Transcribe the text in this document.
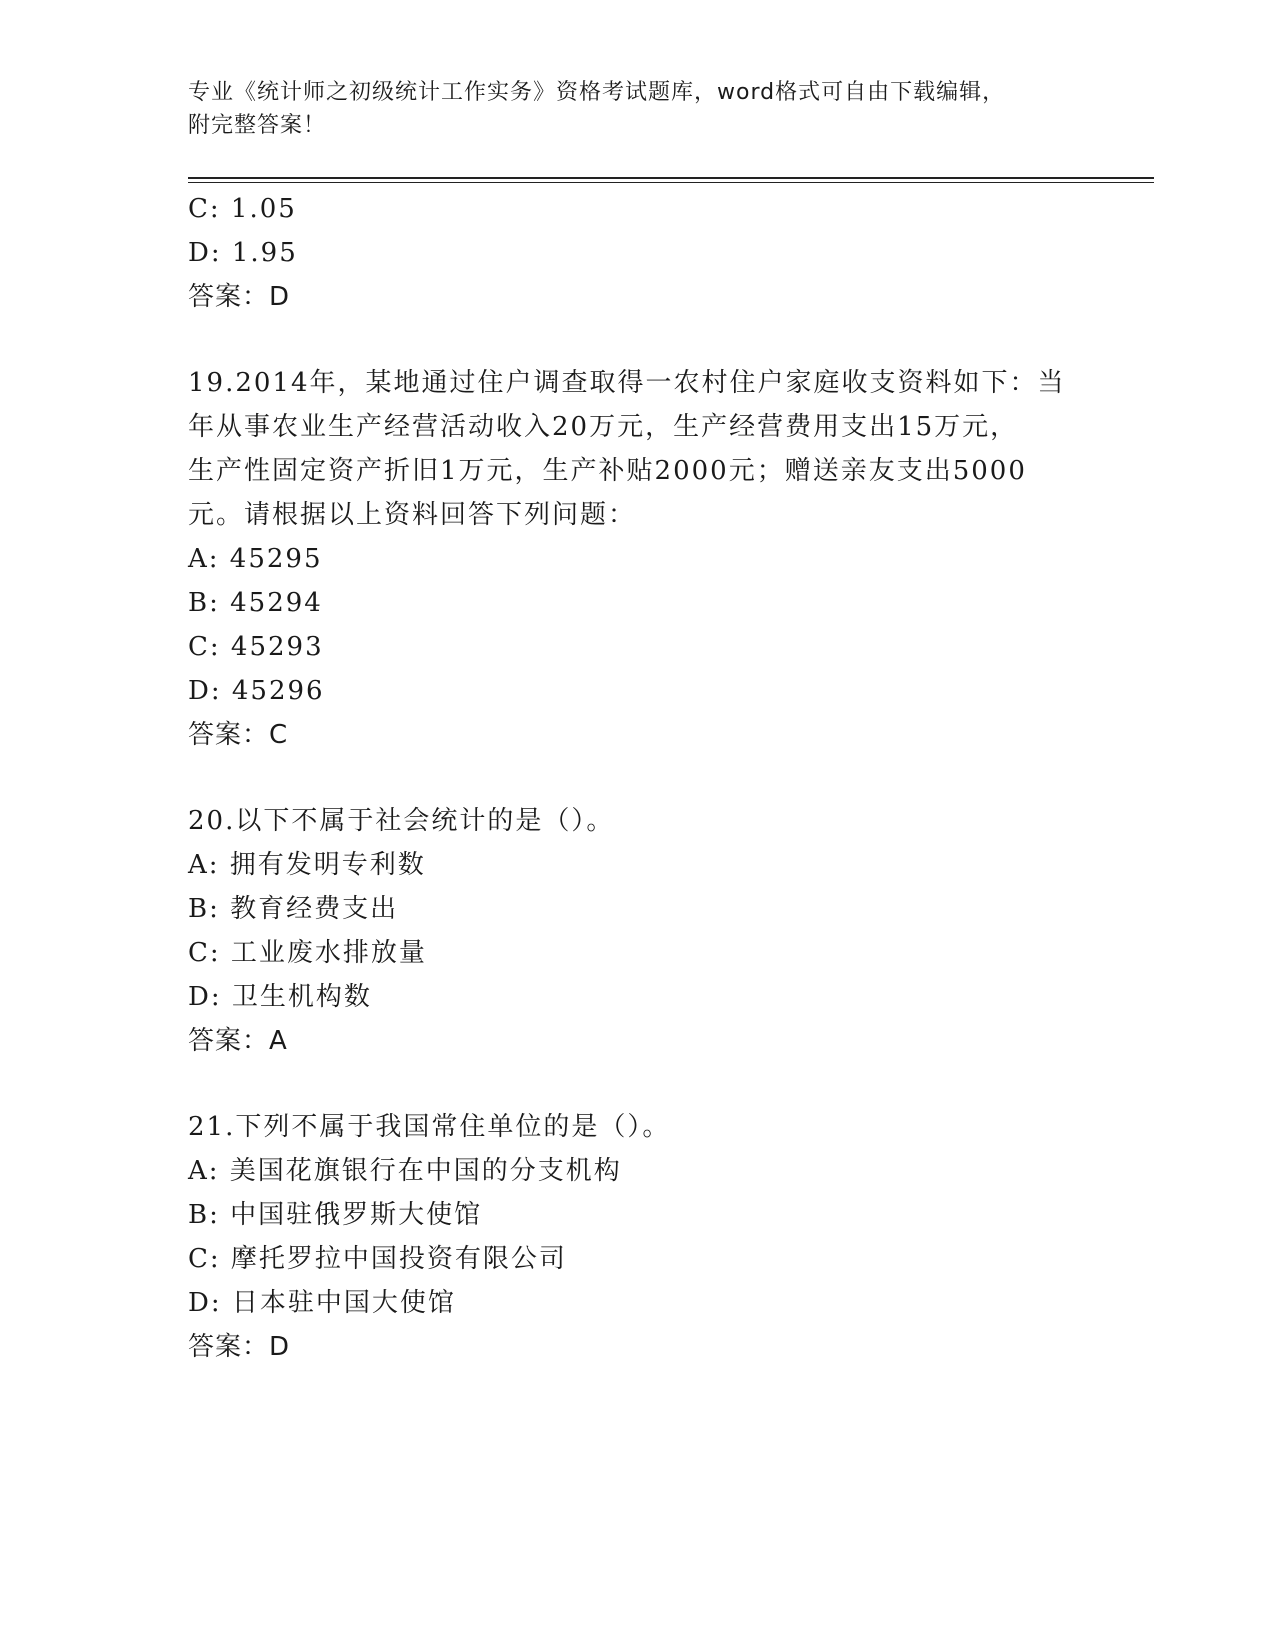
专业《统计师之初级统计工作实务》资格考试题库，word格式可自由下载编辑，
附完整答案！
C: 1.05
D: 1.95
答案：D
19.2014年，某地通过住户调查取得一农村住户家庭收支资料如下：当
年从事农业生产经营活动收入20万元，生产经营费用支出15万元，
生产性固定资产折旧1万元，生产补贴2000元；赠送亲友支出5000
元。请根据以上资料回答下列问题：
A: 45295
B: 45294
C: 45293
D: 45296
答案：C
20.以下不属于社会统计的是（）。
A: 拥有发明专利数
B: 教育经费支出
C: 工业废水排放量
D: 卫生机构数
答案：A
21.下列不属于我国常住单位的是（）。
A: 美国花旗银行在中国的分支机构
B: 中国驻俄罗斯大使馆
C: 摩托罗拉中国投资有限公司
D: 日本驻中国大使馆
答案：D
